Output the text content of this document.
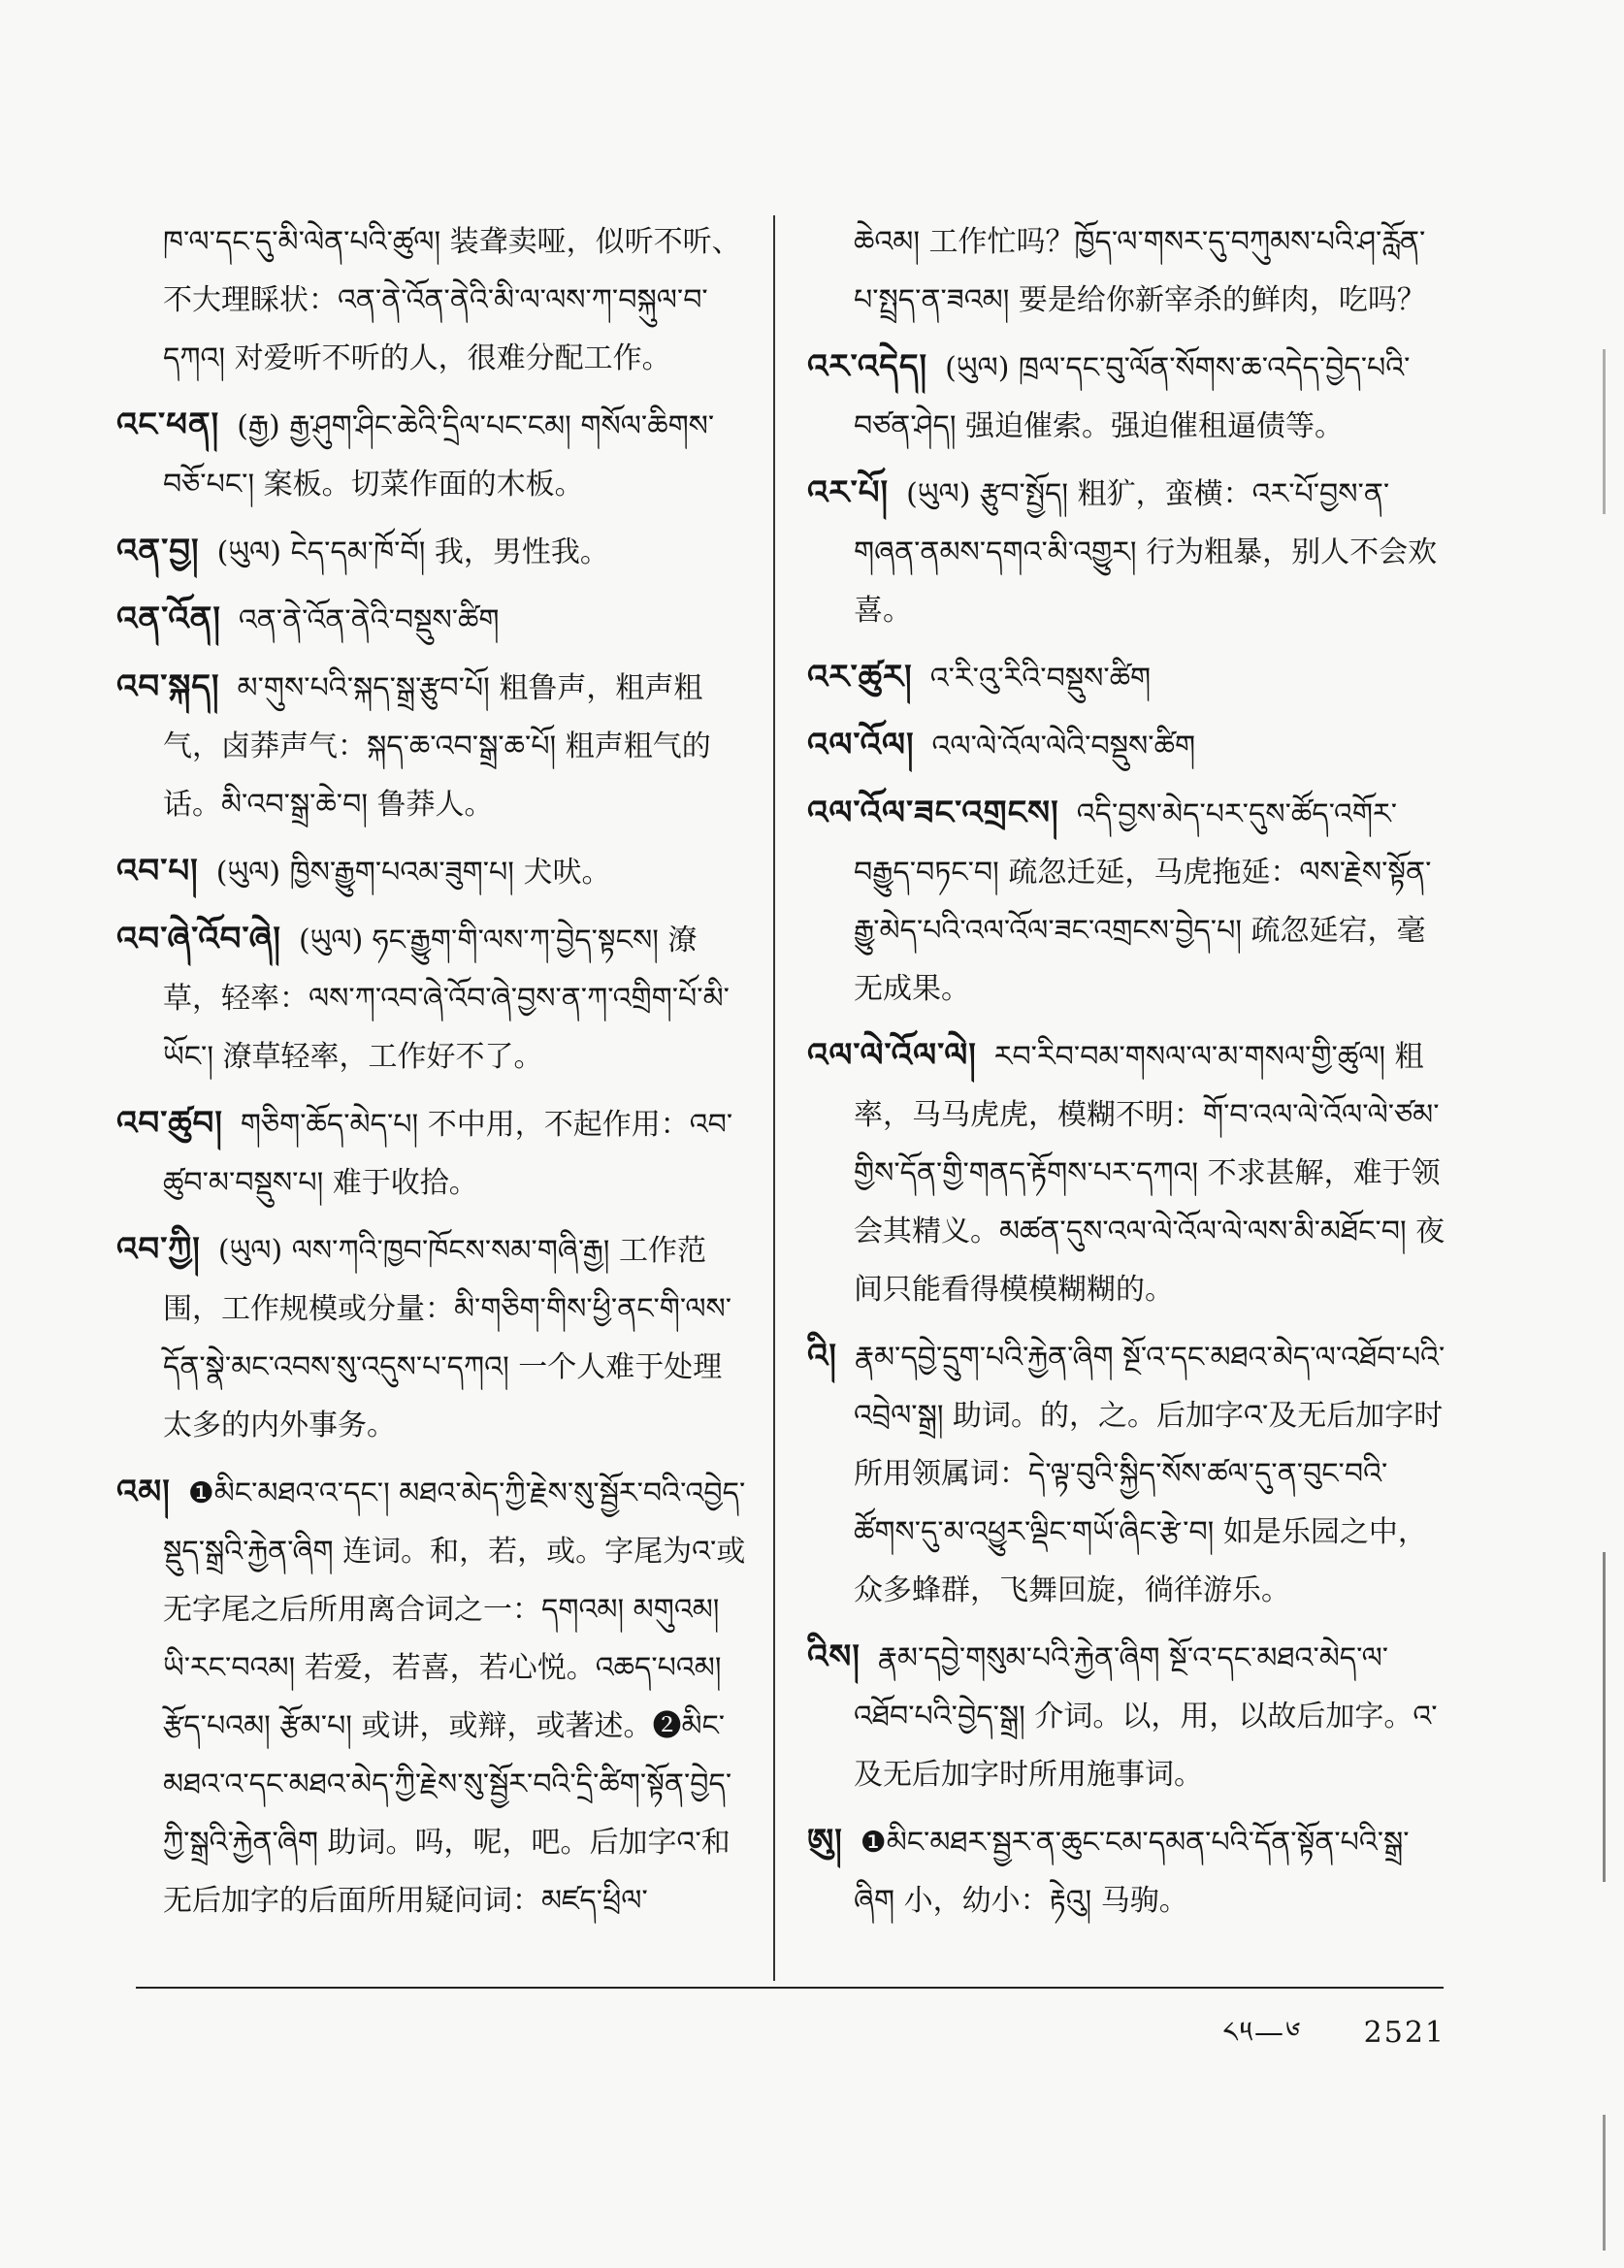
ཁ་ལ་དང་དུ་མི་ལེན་པའི་ཚུལ། 装聋卖哑，似听不听、不大理睬状：འན་ནེ་འོན་ནེའི་མི་ལ་ལས་ཀ་བསྐུལ་བ་དཀའ། 对爱听不听的人，很难分配工作。
འང་ཕན། (རྒྱ) རྒྱ་ཤུག་ཤིང་ཆེའི་དྲིལ་པང་ངམ། གསོལ་ཆིགས་བཅོ་པང་། 案板。切菜作面的木板。
འན་བྱ། (ཡུལ) ངེད་དམ་ཁོ་བོ། 我，男性我。
འན་འོན། འན་ནེ་འོན་ནེའི་བསྡུས་ཚིག
འབ་སྐད། མ་གུས་པའི་སྐད་སྒྲ་རྩུབ་པོ། 粗鲁声，粗声粗气，卤莽声气：སྐད་ཆ་འབ་སྒྲ་ཆ་པོ། 粗声粗气的话。མི་འབ་སྒྲ་ཆེ་བ། 鲁莽人。
འབ་པ། (ཡུལ) ཁྱིས་རྒྱུག་པའམ་ཟུག་པ། 犬吠。
འབ་ཞེ་འོབ་ཞེ། (ཡུལ) ཧང་རྒྱུག་གི་ལས་ཀ་བྱེད་སྟངས། 潦草，轻率：ལས་ཀ་འབ་ཞེ་འོབ་ཞེ་བྱས་ན་ཀ་འགྲིག་པོ་མི་ཡོང་། 潦草轻率，工作好不了。
འབ་ཚུབ། གཅིག་ཆོད་མེད་པ། 不中用，不起作用：འབ་ཚུབ་མ་བསྡུས་པ། 难于收拾。
འབ་ཀྱི། (ཡུལ) ལས་ཀའི་ཁྱབ་ཁོངས་སམ་གཞི་རྒྱ། 工作范围，工作规模或分量：མི་གཅིག་གིས་ཕྱི་ནང་གི་ལས་དོན་སྣེ་མང་འབས་སུ་འདུས་པ་དཀའ། 一个人难于处理太多的内外事务。
འམ། ❶མིང་མཐའ་འ་དང་། མཐའ་མེད་ཀྱི་རྗེས་སུ་སྦྱོར་བའི་འབྱེད་སྡུད་སྒྲའི་རྐྱེན་ཞིག 连词。和，若，或。字尾为འ་或无字尾之后所用离合词之一：དགའམ། མགུའམ། ཡི་རང་བའམ། 若爱，若喜，若心悦。འཆད་པའམ། རྩོད་པའམ། རྩོམ་པ། 或讲，或辩，或著述。❷མིང་མཐའ་འ་དང་མཐའ་མེད་ཀྱི་རྗེས་སུ་སྦྱོར་བའི་དྲི་ཚིག་སྟོན་བྱེད་ཀྱི་སྒྲའི་རྐྱེན་ཞིག 助词。吗，呢，吧。后加字འ་和无后加字的后面所用疑问词：མཛད་ཕྲིལ་
ཆེའམ། 工作忙吗？ཁྱོད་ལ་གསར་དུ་བཀུམས་པའི་ཤ་རློན་པ་སྤྲད་ན་ཟའམ། 要是给你新宰杀的鲜肉，吃吗？
འར་འདེད། (ཡུལ) ཁྲལ་དང་བུ་ལོན་སོགས་ཆ་འདེད་བྱེད་པའི་བཙན་ཤེད། 强迫催索。强迫催租逼债等。
འར་པོ། (ཡུལ) རྩུབ་སྤྱོད། 粗犷，蛮横：འར་པོ་བྱས་ན་གཞན་ནམས་དགའ་མི་འགྱུར། 行为粗暴，别人不会欢喜。
འར་ཚུར། འ་རི་འུ་རིའི་བསྡུས་ཚིག
འལ་འོལ། འལ་ལེ་འོལ་ལེའི་བསྡུས་ཚིག
འལ་འོལ་ཟང་འགྲངས། འདི་བྱས་མེད་པར་དུས་ཚོད་འགོར་བརྒྱུད་བཏང་བ། 疏忽迁延，马虎拖延：ལས་རྗེས་སྟོན་རྒྱུ་མེད་པའི་འལ་འོལ་ཟང་འགྲངས་བྱེད་པ། 疏忽延宕，毫无成果。
འལ་ལེ་འོལ་ལེ། རབ་རིབ་བམ་གསལ་ལ་མ་གསལ་གྱི་ཚུལ། 粗率，马马虎虎，模糊不明：གོ་བ་འལ་ལེ་འོལ་ལེ་ཙམ་གྱིས་དོན་གྱི་གནད་རྟོགས་པར་དཀའ། 不求甚解，难于领会其精义。མཚན་དུས་འལ་ལེ་འོལ་ལེ་ལས་མི་མཐོང་བ། 夜间只能看得模模糊糊的。
འི། རྣམ་དབྱེ་དྲུག་པའི་རྐྱེན་ཞིག སྔོ་འ་དང་མཐའ་མེད་ལ་འཐོབ་པའི་འབྲེལ་སྒྲ། 助词。的，之。后加字འ་及无后加字时所用领属词：དེ་ལྟ་བུའི་སྐྱིད་སོས་ཚལ་དུ་ན་བུང་བའི་ཚོགས་དུ་མ་འཕྱུར་ལྡིང་གཡོ་ཞིང་རྩེ་བ། 如是乐园之中，众多蜂群，飞舞回旋，徜徉游乐。
འིས། རྣམ་དབྱེ་གསུམ་པའི་རྐྱེན་ཞིག སྔོ་འ་དང་མཐའ་མེད་ལ་འཐོབ་པའི་བྱེད་སྒྲ། 介词。以，用，以故后加字。འ་及无后加字时所用施事词。
ཨུ། ❶མིང་མཐར་སྦྱར་ན་ཆུང་ངམ་དམན་པའི་དོན་སྟོན་པའི་སྒྲ་ཞིག 小，幼小：རྟེའུ། 马驹。
༨༥—༦ 2521
